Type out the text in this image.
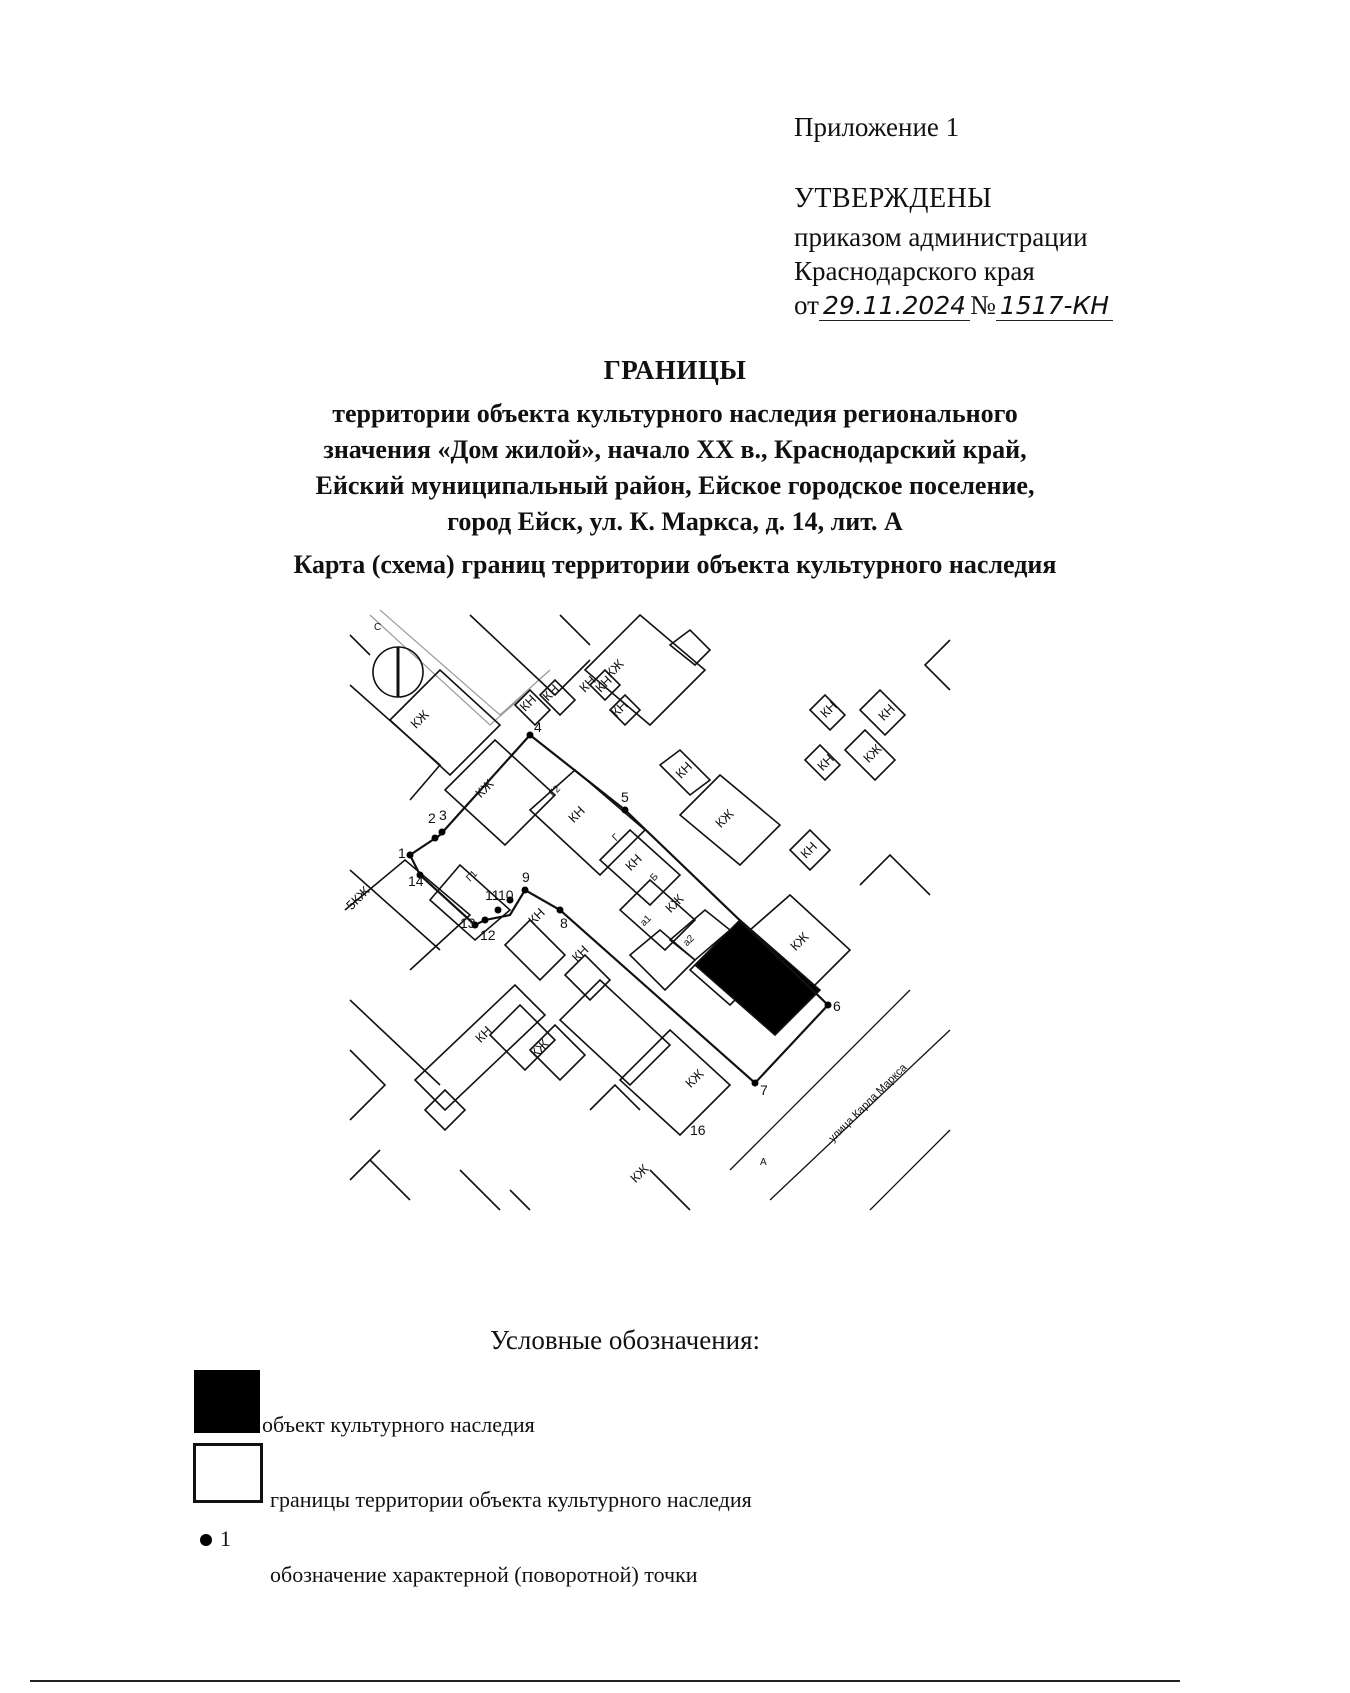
Приложение 1
УТВЕРЖДЕНЫ
приказом администрации
Краснодарского края
от 29.11.2024 № 1517-КН
ГРАНИЦЫ
территории объекта культурного наследия регионального
значения «Дом жилой», начало XX в., Краснодарский край,
Ейский муниципальный район, Ейское городское поселение,
город Ейск, ул. К. Маркса, д. 14, лит. А
Карта (схема) границ территории объекта культурного наследия
1
2 3
4
5
6
7
8
9
10
11
12
13
14
16
КЖ
КН
КЖ
КН КН КН
КН
КЖ
5КЖ
КН
КН
КН	КН
КН КЖ
КЖ
КН
КН
КЖ
КЖ
КН
КН
КН
КЖ
КЖ
КЖ
Г2
Г1
Г
Б
а1
а2
С
А
улица Карла Маркса
Условные обозначения:
объект культурного наследия
границы территории объекта культурного наследия
1
обозначение характерной (поворотной) точки
